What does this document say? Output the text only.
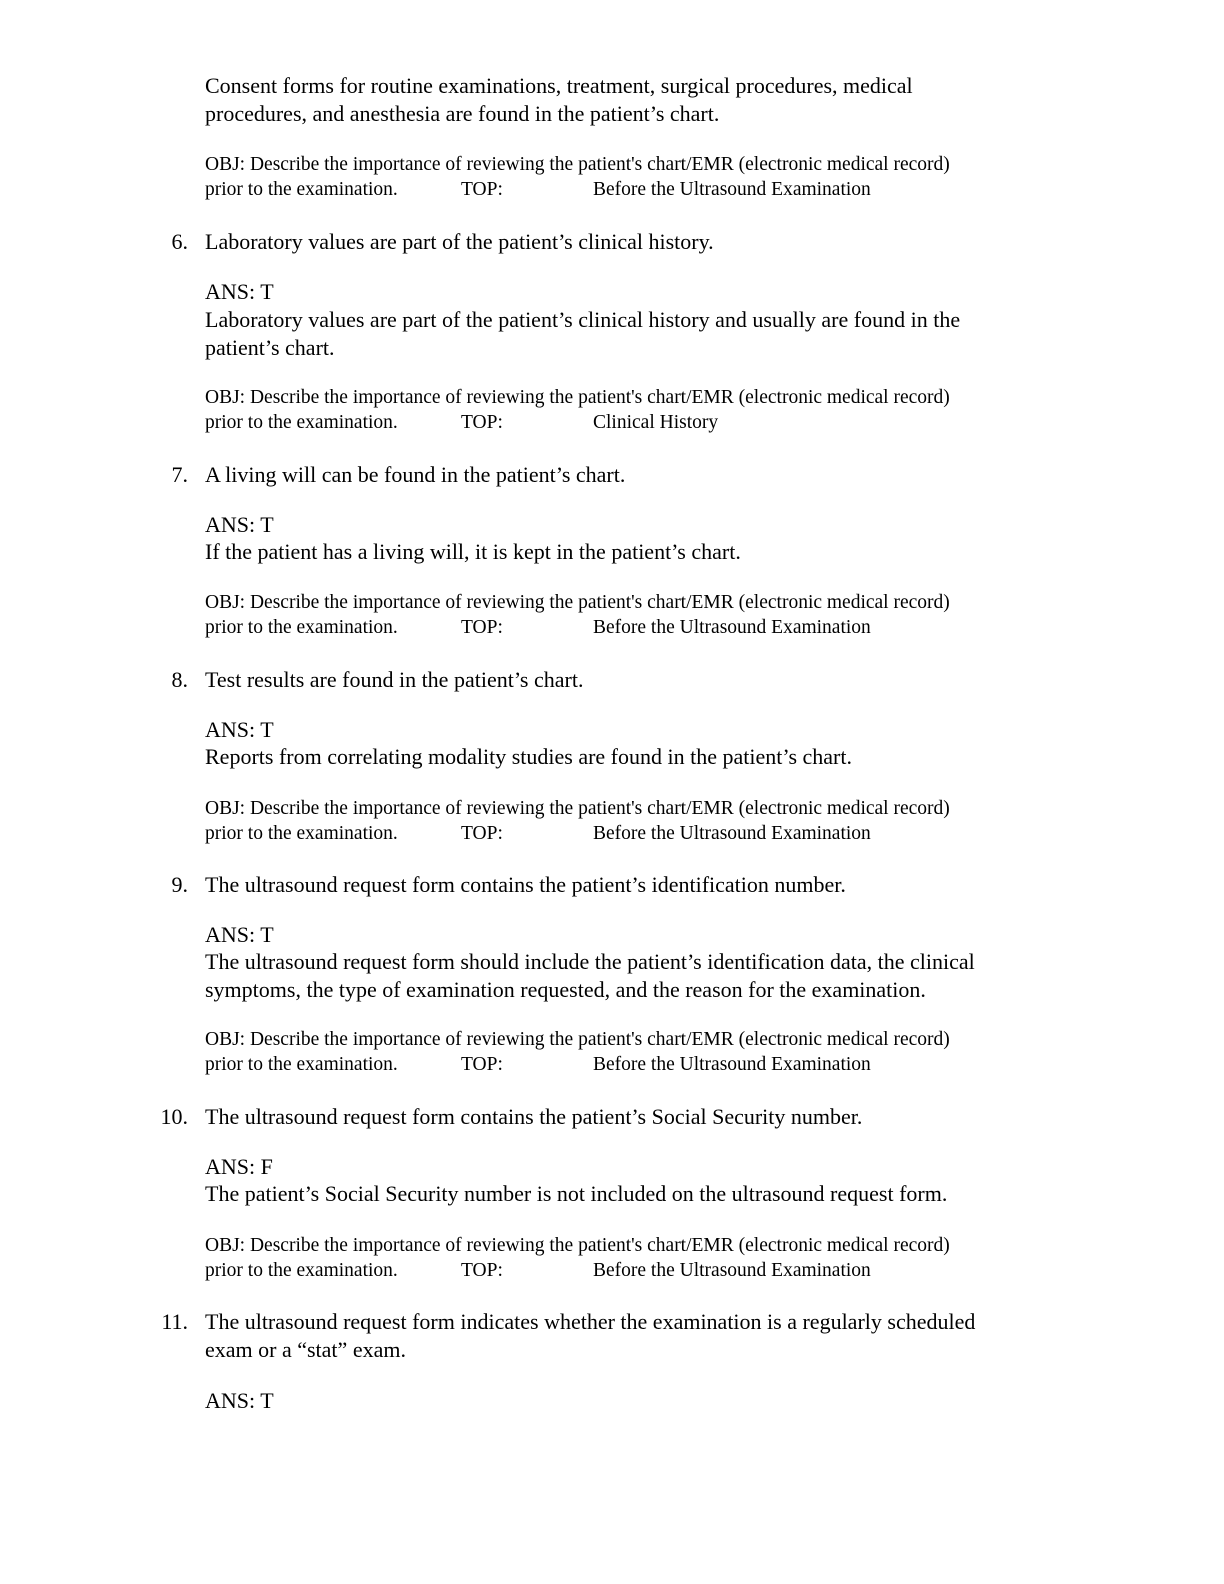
Consent forms for routine examinations, treatment, surgical procedures, medical
procedures, and anesthesia are found in the patient’s chart.
OBJ: Describe the importance of reviewing the patient's chart/EMR (electronic medical record)
prior to the examination.	TOP:	Before the Ultrasound Examination
6. Laboratory values are part of the patient’s clinical history.
ANS: T
Laboratory values are part of the patient’s clinical history and usually are found in the
patient’s chart.
OBJ: Describe the importance of reviewing the patient's chart/EMR (electronic medical record)
prior to the examination.	TOP:	Clinical History
7. A living will can be found in the patient’s chart.
ANS: T
If the patient has a living will, it is kept in the patient’s chart.
OBJ: Describe the importance of reviewing the patient's chart/EMR (electronic medical record)
prior to the examination.	TOP:	Before the Ultrasound Examination
8. Test results are found in the patient’s chart.
ANS: T
Reports from correlating modality studies are found in the patient’s chart.
OBJ: Describe the importance of reviewing the patient's chart/EMR (electronic medical record)
prior to the examination.	TOP:	Before the Ultrasound Examination
9. The ultrasound request form contains the patient’s identification number.
ANS: T
The ultrasound request form should include the patient’s identification data, the clinical
symptoms, the type of examination requested, and the reason for the examination.
OBJ: Describe the importance of reviewing the patient's chart/EMR (electronic medical record)
prior to the examination.	TOP:	Before the Ultrasound Examination
10. The ultrasound request form contains the patient’s Social Security number.
ANS: F
The patient’s Social Security number is not included on the ultrasound request form.
OBJ: Describe the importance of reviewing the patient's chart/EMR (electronic medical record)
prior to the examination.	TOP:	Before the Ultrasound Examination
11. The ultrasound request form indicates whether the examination is a regularly scheduled
exam or a “stat” exam.
ANS: T
